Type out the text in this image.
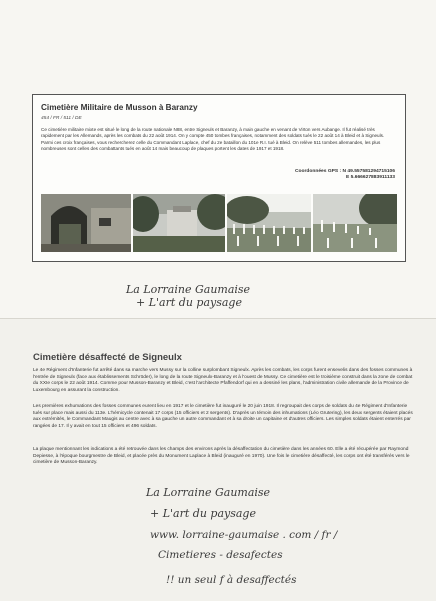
Cimetière Militaire de Musson à Baranzy
454 / FR / 511 / DE

Ce cimetière militaire mixte est situé le long de la route nationale N88, entre Signeuls et Baranzy, à main gauche en venant de Virton vers Aubange. Il fut réalisé très rapidement par les Allemands, après les combats du 22 août 1914. On y compte 450 tombes françaises, notamment des soldats tués le 22 août 14 à Bleid et à Signeuls. Parmi ces croix françaises, vous rechercherez celle du Commandant Laplace, chef du 2e bataillon du 101e R.I. tué à Bleid. On relève 511 tombes allemandes, les plus nombreuses sont celles des combattants tués en août 14 mais beaucoup de plaques portent les dates de 1917 et 1918.

Coordonnées GPS : N 49.557581294715106
E 5.666627883911133
La Lorraine Gaumaise
+ L'art du paysage
Cimetière désaffecté de Signeulx

Le 4e Régiment d'Infanterie fut arrêté dans sa marche vers Mussy sur la colline surplombant Signeulx. Après les combats, les corps furent ensevelis dans des fosses communes à l'entrée de Signeulx (face aux établissements Schröder), le long de la route Signeulx-Baranzy et à l'ouest de Mussy. Ce cimetière est le troisième construit dans la zone de combat du XXIe corps le 22 août 1914. Comme pour Musson-Baranzy et Bleid, c'est l'architecte Pfaffendorf qui en a dessiné les plans, l'administration civile allemande de la Province de Luxembourg en assurant la construction.

Les premières exhumations des fosses communes eurent lieu en 1917 et le cimetière fut inauguré le 20 juin 1918. Il regroupait des corps de soldats du 4e Régiment d'Infanterie tués sur place mais aussi du 113e. L'hémicycle contenait 17 corps (15 officiers et 2 sergents). D'après un témoin des inhumations (Léo Grutering), les deux sergents étaient placés aux extrémités, le Commandant Maugis au centre avec à sa gauche un autre commandant et à sa droite un capitaine et d'autres officiers. Les simples soldats étaient enterrés par rangées de 17. Il y avait en tout 15 officiers et 496 soldats.

La plaque mentionnant les indications a été retrouvée dans les champs des environs après la désaffectation du cimetière dans les années 60. Elle a été récupérée par Raymond Depiesse, à l'époque bourgmestre de Bleid, et placée près du Monument Laplace à Bleid (inauguré en 1970). Une fois le cimetière désaffecté, les corps ont été transférés vers le cimetière de Musson-Baranzy.

La Lorraine Gaumaise
+ L'art du paysage
www. lorraine-gaumaise . com / fr /
Cimetieres - desafectes
!! un seul f à desaffectés
